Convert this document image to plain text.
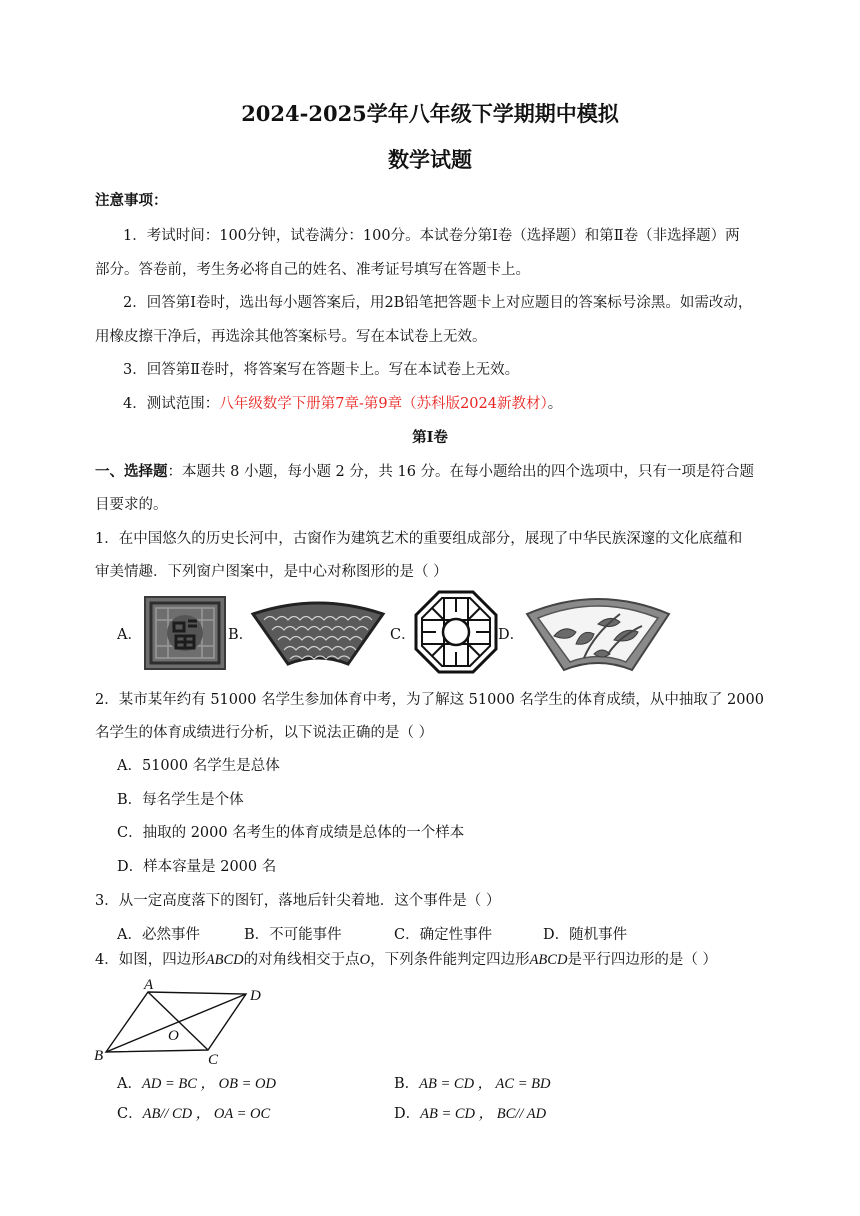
2024-2025学年八年级下学期期中模拟
数学试题
注意事项：
1．考试时间：100分钟，试卷满分：100分。本试卷分第Ⅰ卷（选择题）和第Ⅱ卷（非选择题）两
部分。答卷前，考生务必将自己的姓名、准考证号填写在答题卡上。
2．回答第Ⅰ卷时，选出每小题答案后，用2B铅笔把答题卡上对应题目的答案标号涂黑。如需改动，
用橡皮擦干净后，再选涂其他答案标号。写在本试卷上无效。
3．回答第Ⅱ卷时，将答案写在答题卡上。写在本试卷上无效。
4．测试范围：八年级数学下册第7章-第9章（苏科版2024新教材）。
第Ⅰ卷
一、选择题：本题共 8 小题，每小题 2 分，共 16 分。在每小题给出的四个选项中，只有一项是符合题
目要求的。
1．在中国悠久的历史长河中，古窗作为建筑艺术的重要组成部分，展现了中华民族深邃的文化底蕴和
审美情趣．下列窗户图案中，是中心对称图形的是（ ）
A．	B．	C．	D．
2．某市某年约有 51000 名学生参加体育中考，为了解这 51000 名学生的体育成绩，从中抽取了 2000
名学生的体育成绩进行分析，以下说法正确的是（ ）
A．51000 名学生是总体
B．每名学生是个体
C．抽取的 2000 名考生的体育成绩是总体的一个样本
D．样本容量是 2000 名
3．从一定高度落下的图钉，落地后针尖着地．这个事件是（ ）
A．必然事件	B．不可能事件	C．确定性事件	D．随机事件
4．如图，四边形ABCD的对角线相交于点O，下列条件能判定四边形ABCD是平行四边形的是（ ）
A
B	C
D
O
A．AD = BC ， OB = OD	B．AB = CD ， AC = BD
C．AB// CD ， OA = OC	D．AB = CD ， BC// AD
